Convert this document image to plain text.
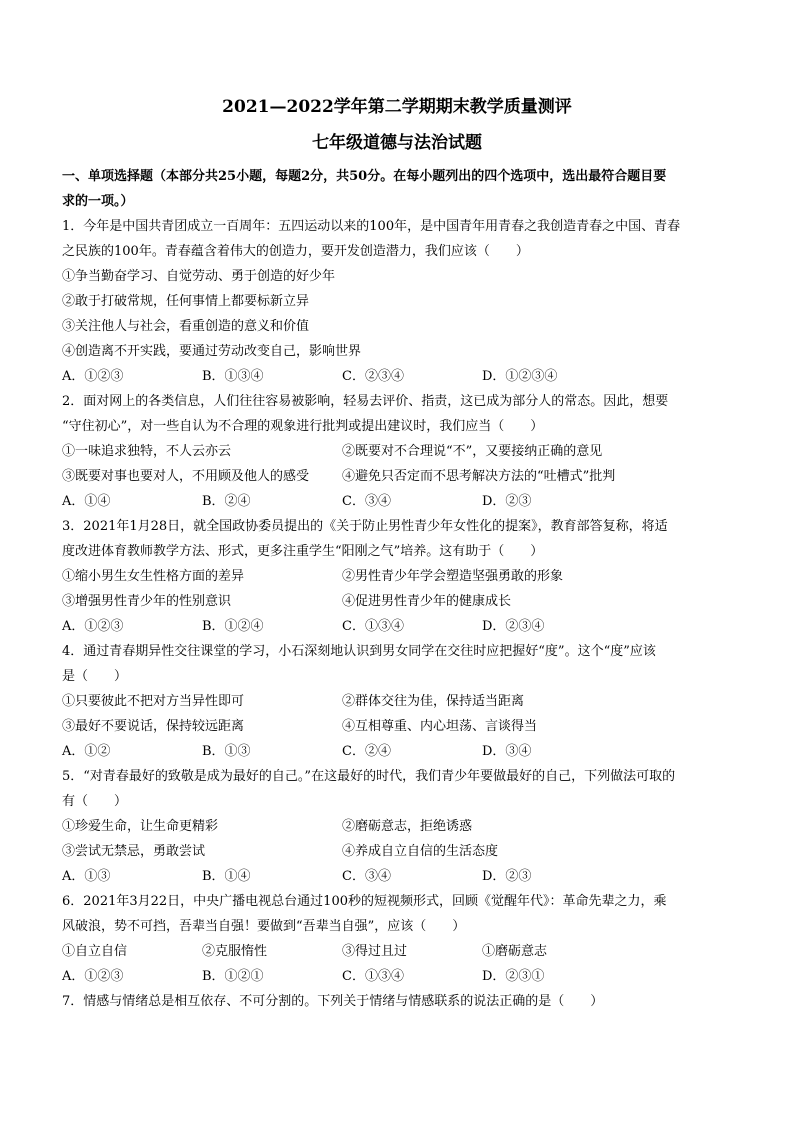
2021—2022学年第二学期期末教学质量测评

七年级道德与法治试题

一、单项选择题（本部分共25小题，每题2分，共50分。在每小题列出的四个选项中，选出最符合题目要

求的一项。）

1．今年是中国共青团成立一百周年：五四运动以来的100年，是中国青年用青春之我创造青春之中国、青春

之民族的100年。青春蕴含着伟大的创造力，要开发创造潜力，我们应该（　　）

①争当勤奋学习、自觉劳动、勇于创造的好少年

②敢于打破常规，任何事情上都要标新立异

③关注他人与社会，看重创造的意义和价值

④创造离不开实践，要通过劳动改变自己，影响世界

A．①②③	B．①③④	C．②③④	D．①②③④

2．面对网上的各类信息，人们往往容易被影响，轻易去评价、指责，这已成为部分人的常态。因此，想要

“守住初心”，对一些自认为不合理的观象进行批判或提出建议时，我们应当（　　）

①一味追求独特，不人云亦云	②既要对不合理说“不”，又要接纳正确的意见
③既要对事也要对人，不用顾及他人的感受	④避免只否定而不思考解决方法的“吐槽式”批判
A．①④	B．②④	C．③④	D．②③

3．2021年1月28日，就全国政协委员提出的《关于防止男性青少年女性化的提案》，教育部答复称，将适

度改进体育教师教学方法、形式，更多注重学生“阳刚之气”培养。这有助于（　　）

①缩小男生女生性格方面的差异	②男性青少年学会塑造坚强勇敢的形象
③增强男性青少年的性别意识	④促进男性青少年的健康成长
A．①②③	B．①②④	C．①③④	D．②③④

4．通过青春期异性交往课堂的学习，小石深刻地认识到男女同学在交往时应把握好“度”。这个“度”应该

是（　　）

①只要彼此不把对方当异性即可	②群体交往为佳，保持适当距离
③最好不要说话，保持较远距离	④互相尊重、内心坦荡、言谈得当
A．①②	B．①③	C．②④	D．③④

5．“对青春最好的致敬是成为最好的自己。”在这最好的时代，我们青少年要做最好的自己，下列做法可取的

有（　　）

①珍爱生命，让生命更精彩	②磨砺意志，拒绝诱惑
③尝试无禁忌，勇敢尝试	④养成自立自信的生活态度
A．①③	B．①④	C．③④	D．②③

6．2021年3月22日，中央广播电视总台通过100秒的短视频形式，回顾《觉醒年代》：革命先辈之力，乘

风破浪，势不可挡，吾辈当自强！要做到“吾辈当自强”，应该（　　）

①自立自信	②克服惰性	③得过且过	①磨砺意志
A．①②③	B．①②①	C．①③④	D．②③①

7．情感与情绪总是相互依存、不可分割的。下列关于情绪与情感联系的说法正确的是（　　）
